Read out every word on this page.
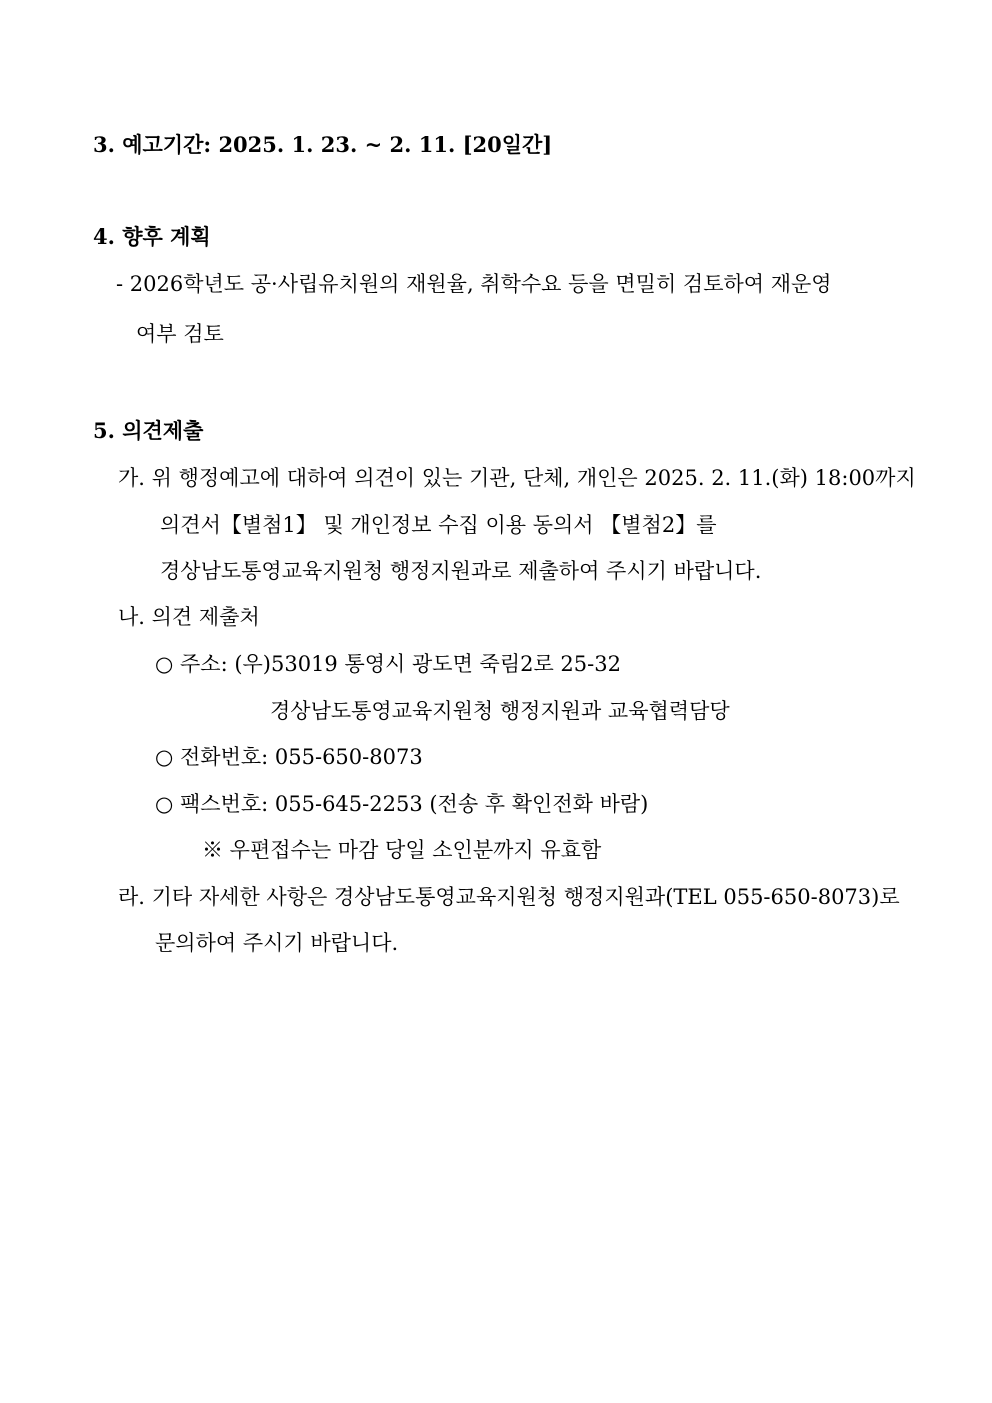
3. 예고기간: 2025. 1. 23. ~ 2. 11. [20일간]
4. 향후 계획
- 2026학년도 공·사립유치원의 재원율, 취학수요 등을 면밀히 검토하여 재운영
여부 검토
5. 의견제출
가. 위 행정예고에 대하여 의견이 있는 기관, 단체, 개인은 2025. 2. 11.(화) 18:00까지
의견서【별첨1】 및 개인정보 수집 이용 동의서 【별첨2】를
경상남도통영교육지원청 행정지원과로 제출하여 주시기 바랍니다.
나. 의견 제출처
○ 주소: (우)53019 통영시 광도면 죽림2로 25-32
경상남도통영교육지원청 행정지원과 교육협력담당
○ 전화번호: 055-650-8073
○ 팩스번호: 055-645-2253 (전송 후 확인전화 바람)
※ 우편접수는 마감 당일 소인분까지 유효함
라. 기타 자세한 사항은 경상남도통영교육지원청 행정지원과(TEL 055-650-8073)로
문의하여 주시기 바랍니다.
